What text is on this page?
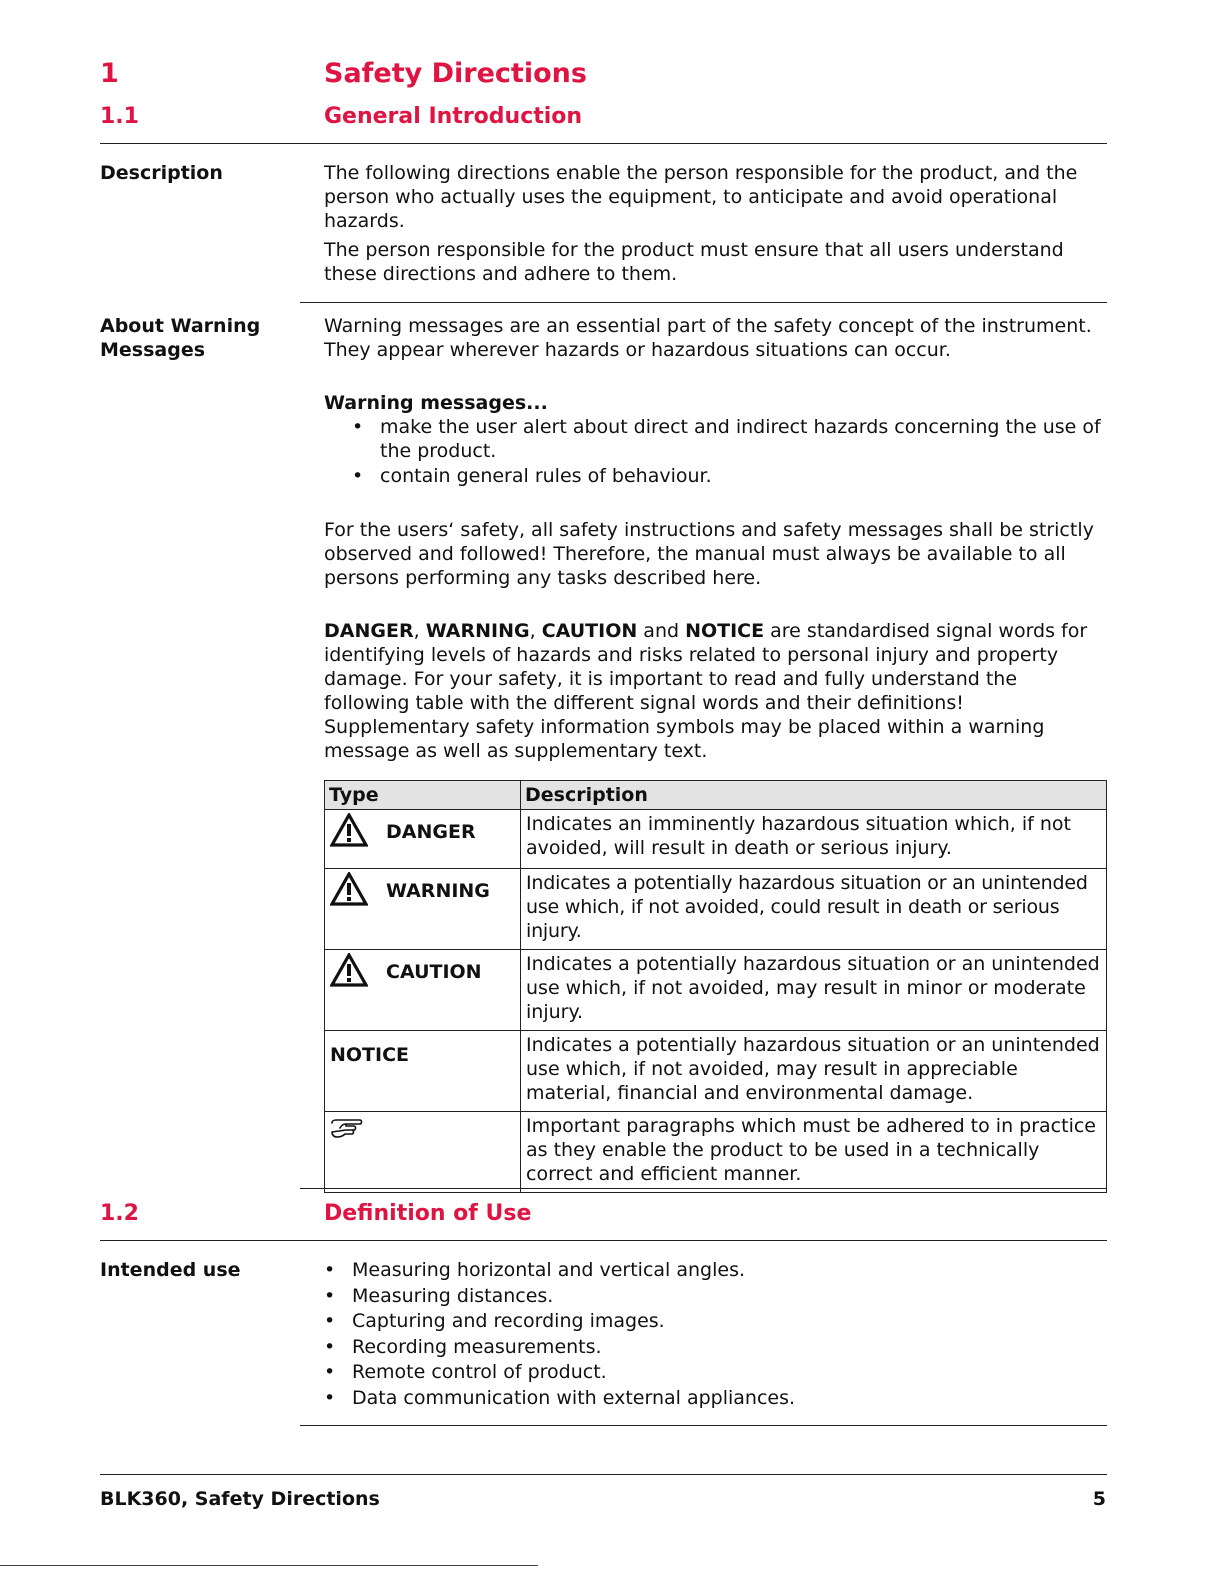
1	Safety Directions
1.1	General Introduction
Description	The following directions enable the person responsible for the product, and the person who actually uses the equipment, to anticipate and avoid operational hazards.
The person responsible for the product must ensure that all users understand these directions and adhere to them.
About Warning Messages
Warning messages are an essential part of the safety concept of the instrument. They appear wherever hazards or hazardous situations can occur.
Warning messages...
• make the user alert about direct and indirect hazards concerning the use of the product.
• contain general rules of behaviour.
For the users‘ safety, all safety instructions and safety messages shall be strictly observed and followed! Therefore, the manual must always be available to all persons performing any tasks described here.
DANGER, WARNING, CAUTION and NOTICE are standardised signal words for identifying levels of hazards and risks related to personal injury and property damage. For your safety, it is important to read and fully understand the following table with the different signal words and their definitions! Supplementary safety information symbols may be placed within a warning message as well as supplementary text.
Type	Description

DANGER	Indicates an imminently hazardous situation which, if not avoided, will result in death or serious injury.

WARNING	Indicates a potentially hazardous situation or an unintended use which, if not avoided, could result in death or serious injury.

CAUTION	Indicates a potentially hazardous situation or an unintended use which, if not avoided, may result in minor or moderate injury.
NOTICE	Indicates a potentially hazardous situation or an unintended use which, if not avoided, may result in appreciable material, financial and environmental damage.
	Important paragraphs which must be adhered to in practice as they enable the product to be used in a technically correct and efficient manner.
1.2	Definition of Use
Intended use	• Measuring horizontal and vertical angles.
• Measuring distances.
• Capturing and recording images.
• Recording measurements.
• Remote control of product.
• Data communication with external appliances.
BLK360, Safety Directions	5
